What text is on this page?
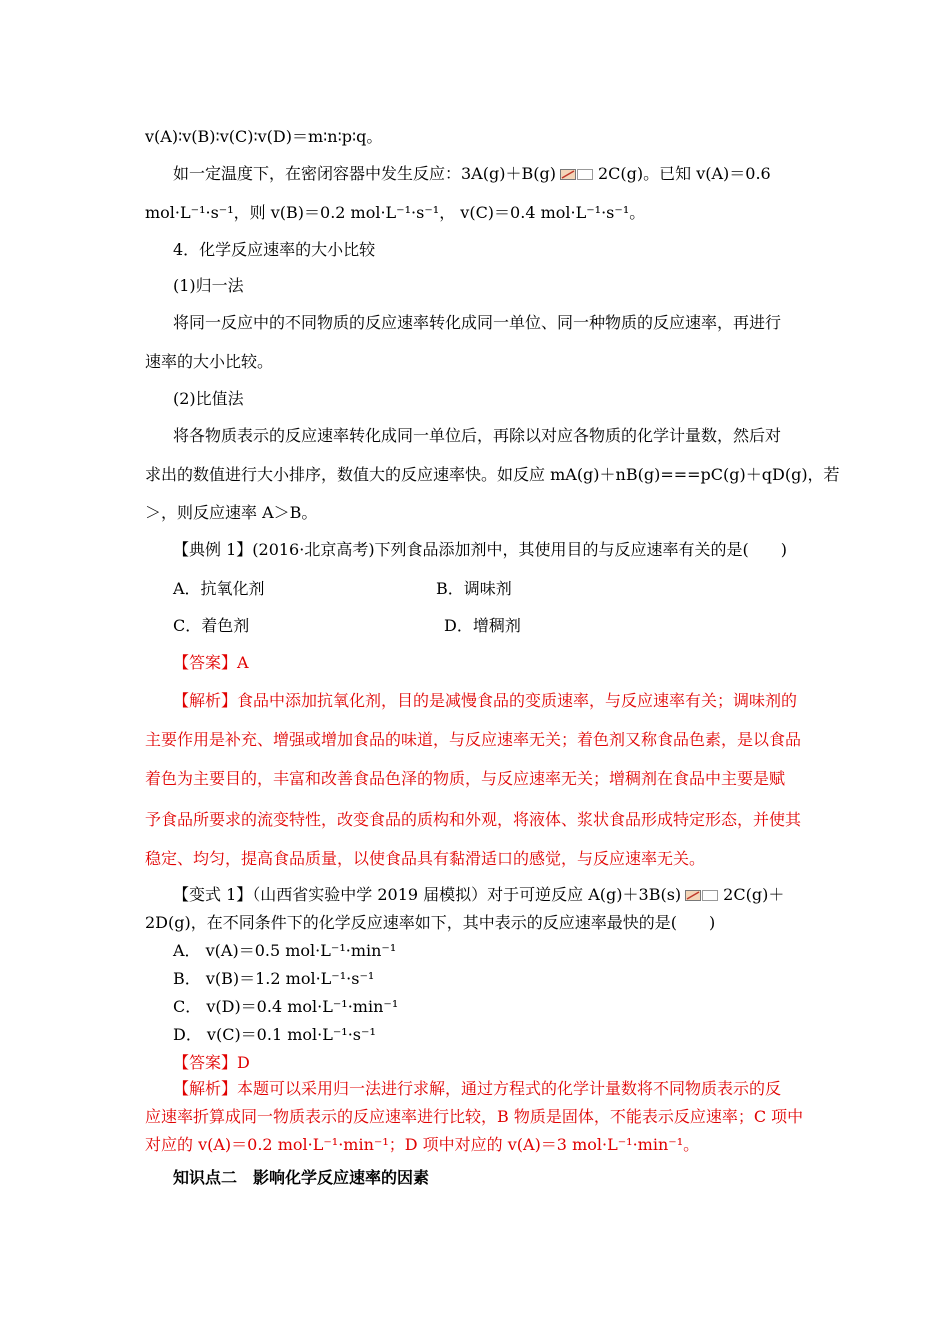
v(A)∶v(B)∶v(C)∶v(D)＝m∶n∶p∶q。
如一定温度下，在密闭容器中发生反应：3A(g)＋B(g)	2C(g)。已知 v(A)＝0.6
mol·L⁻¹·s⁻¹，则 v(B)＝0.2 mol·L⁻¹·s⁻¹， v(C)＝0.4 mol·L⁻¹·s⁻¹。
4．化学反应速率的大小比较
(1)归一法
将同一反应中的不同物质的反应速率转化成同一单位、同一种物质的反应速率，再进行
速率的大小比较。
(2)比值法
将各物质表示的反应速率转化成同一单位后，再除以对应各物质的化学计量数，然后对
求出的数值进行大小排序，数值大的反应速率快。如反应 mA(g)＋nB(g)===pC(g)＋qD(g)，若
＞，则反应速率 A＞B。
【典例 1】(2016·北京高考)下列食品添加剂中，其使用目的与反应速率有关的是(　　)
A．抗氧化剂	B．调味剂
C．着色剂	D．增稠剂
【答案】A
【解析】食品中添加抗氧化剂，目的是减慢食品的变质速率，与反应速率有关；调味剂的
主要作用是补充、增强或增加食品的味道，与反应速率无关；着色剂又称食品色素，是以食品
着色为主要目的，丰富和改善食品色泽的物质，与反应速率无关；增稠剂在食品中主要是赋
予食品所要求的流变特性，改变食品的质构和外观，将液体、浆状食品形成特定形态，并使其
稳定、均匀，提高食品质量，以使食品具有黏滑适口的感觉，与反应速率无关。
【变式 1】（山西省实验中学 2019 届模拟）对于可逆反应 A(g)＋3B(s)	2C(g)＋
2D(g)，在不同条件下的化学反应速率如下，其中表示的反应速率最快的是(　　)
A． v(A)＝0.5 mol·L⁻¹·min⁻¹
B． v(B)＝1.2 mol·L⁻¹·s⁻¹
C． v(D)＝0.4 mol·L⁻¹·min⁻¹
D． v(C)＝0.1 mol·L⁻¹·s⁻¹
【答案】D
【解析】本题可以采用归一法进行求解，通过方程式的化学计量数将不同物质表示的反
应速率折算成同一物质表示的反应速率进行比较，B 物质是固体，不能表示反应速率；C 项中
对应的 v(A)＝0.2 mol·L⁻¹·min⁻¹；D 项中对应的 v(A)＝3 mol·L⁻¹·min⁻¹。
知识点二　影响化学反应速率的因素
